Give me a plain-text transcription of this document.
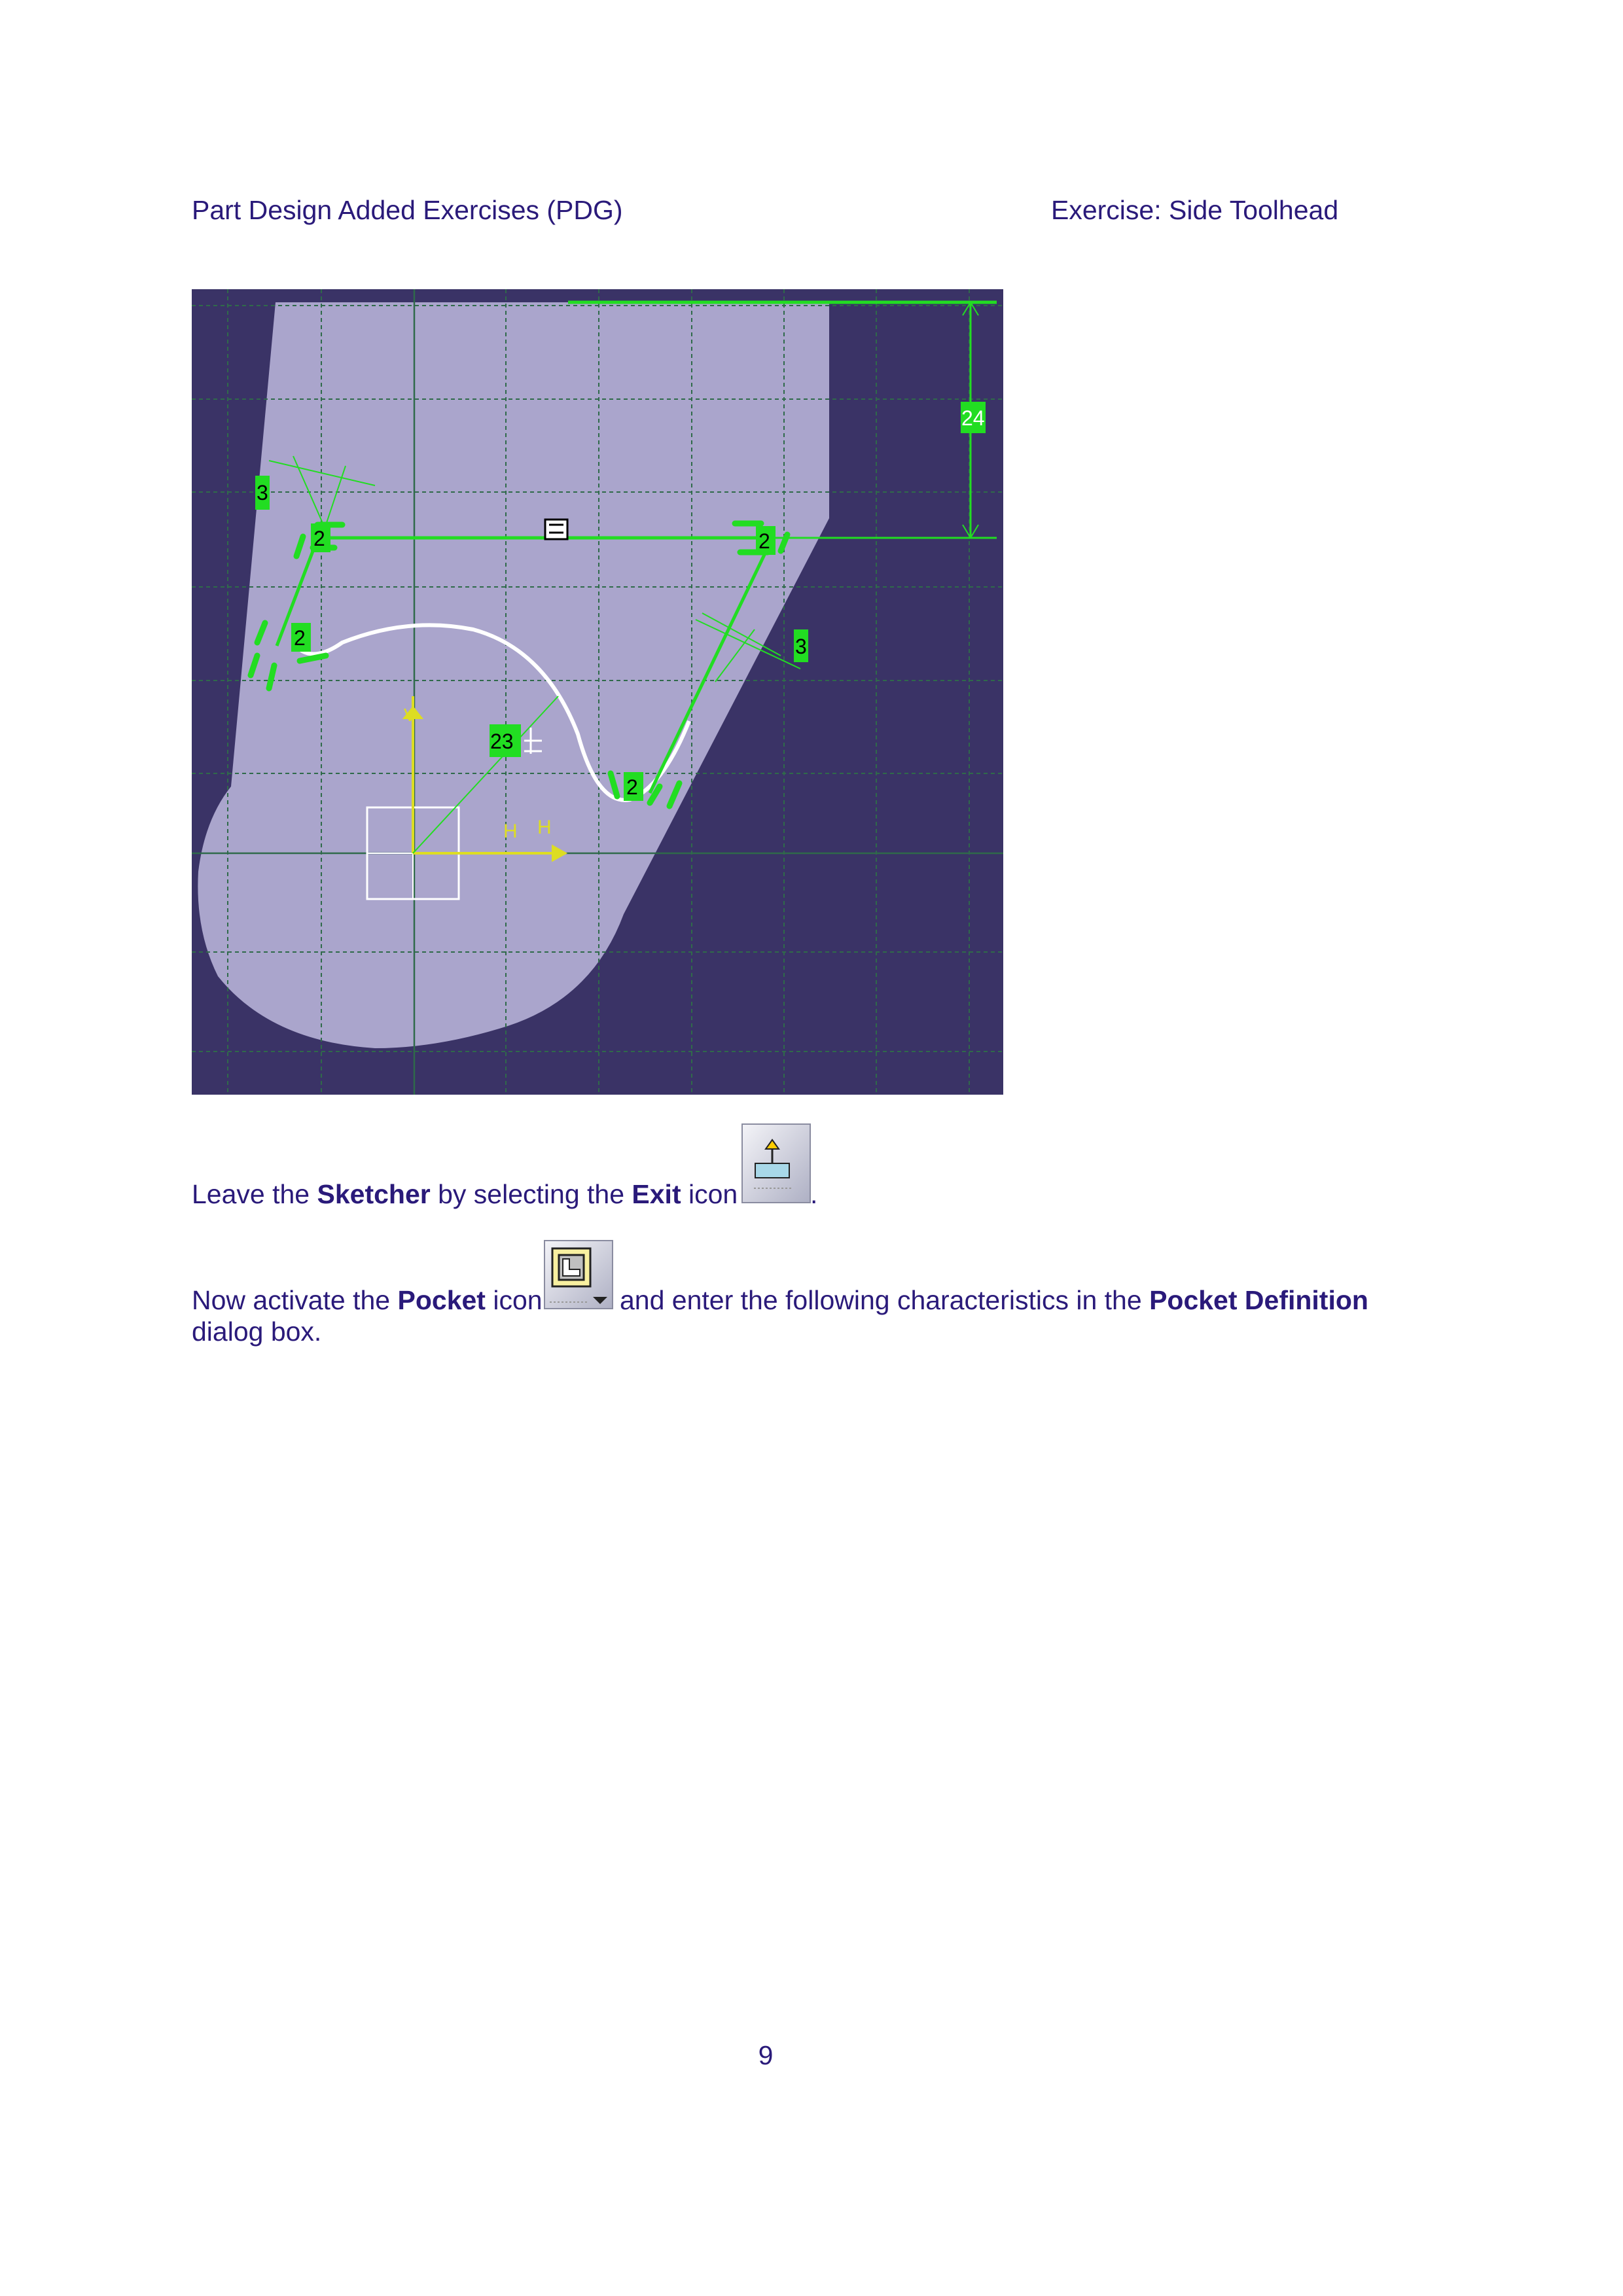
Part Design Added Exercises (PDG)	Exercise: Side Toolhead
V
H H
24
3
3
23
2	2
2
2
Leave the Sketcher by selecting the Exit icon	.
Now activate the Pocket icon	and enter the following characteristics in the Pocket Definition
dialog box.
9
